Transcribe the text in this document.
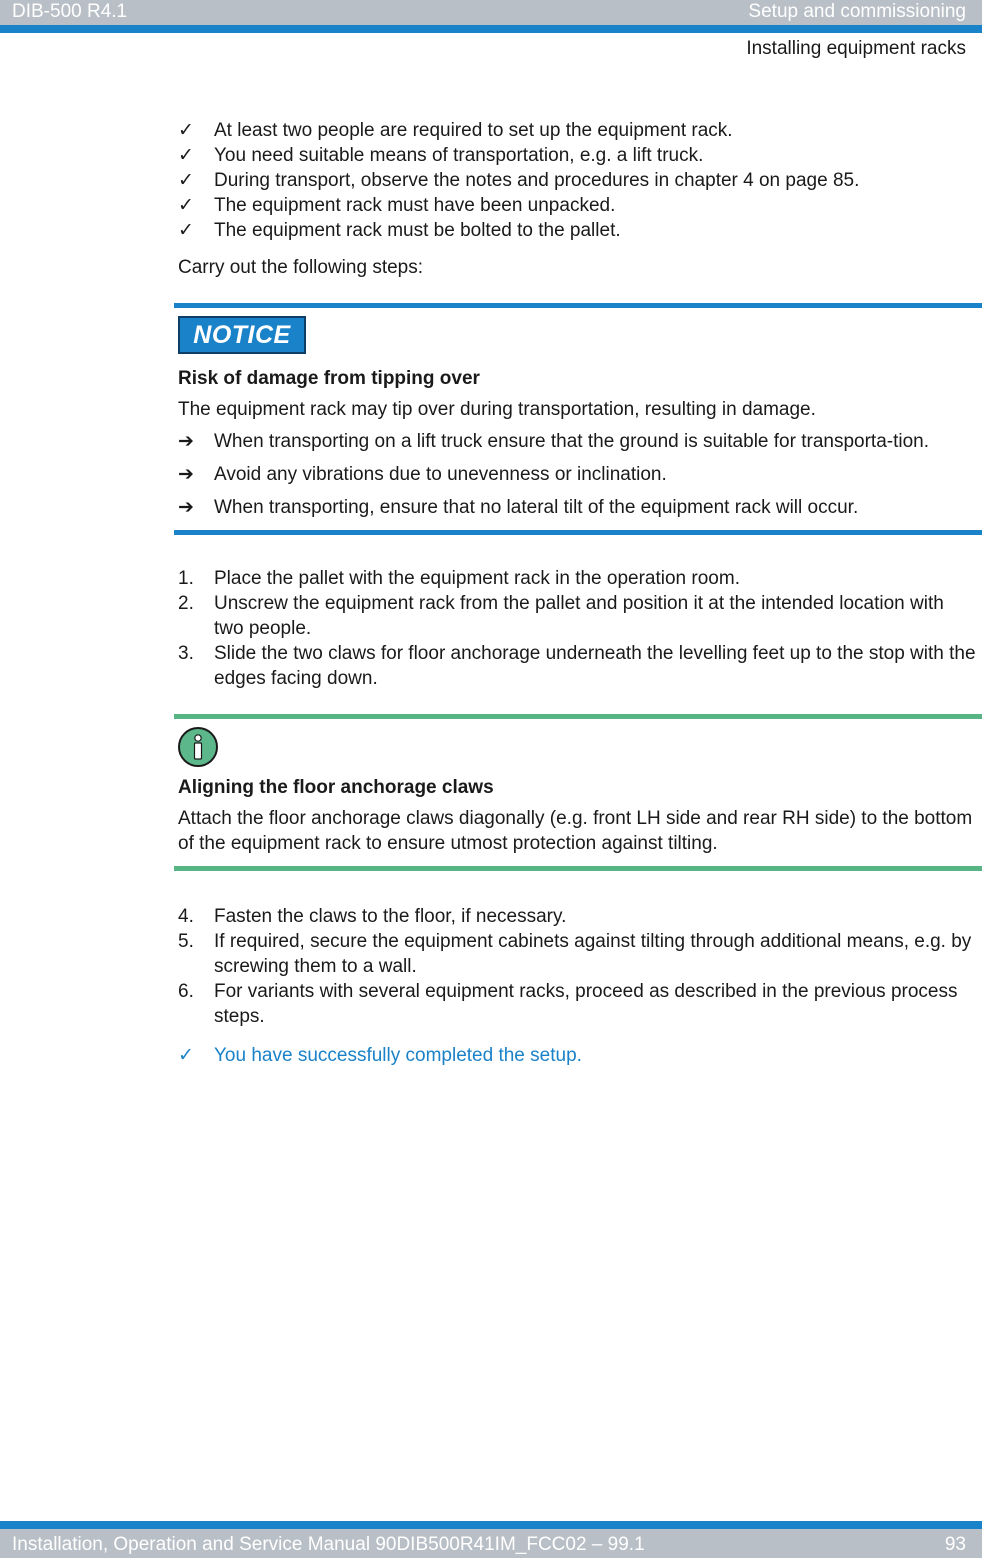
DIB-500 R4.1	Setup and commissioning
Installing equipment racks
✓	At least two people are required to set up the equipment rack.
✓	You need suitable means of transportation, e.g. a lift truck.
✓	During transport, observe the notes and procedures in chapter 4 on page 85.
✓	The equipment rack must have been unpacked.
✓	The equipment rack must be bolted to the pallet.

Carry out the following steps:

NOTICE
Risk of damage from tipping over
The equipment rack may tip over during transportation, resulting in damage.
➔	When transporting on a lift truck ensure that the ground is suitable for transporta-tion.
➔	Avoid any vibrations due to unevenness or inclination.
➔	When transporting, ensure that no lateral tilt of the equipment rack will occur.
1. Place the pallet with the equipment rack in the operation room.
2. Unscrew the equipment rack from the pallet and position it at the intended location with two people.
3. Slide the two claws for floor anchorage underneath the levelling feet up to the stop with the edges facing down.
Aligning the floor anchorage claws
Attach the floor anchorage claws diagonally (e.g. front LH side and rear RH side) to the bottom of the equipment rack to ensure utmost protection against tilting.
4. Fasten the claws to the floor, if necessary.
5. If required, secure the equipment cabinets against tilting through additional means, e.g. by screwing them to a wall.
6. For variants with several equipment racks, proceed as described in the previous process steps.
✓	You have successfully completed the setup.
Installation, Operation and Service Manual 90DIB500R41IM_FCC02 – 99.1	93
